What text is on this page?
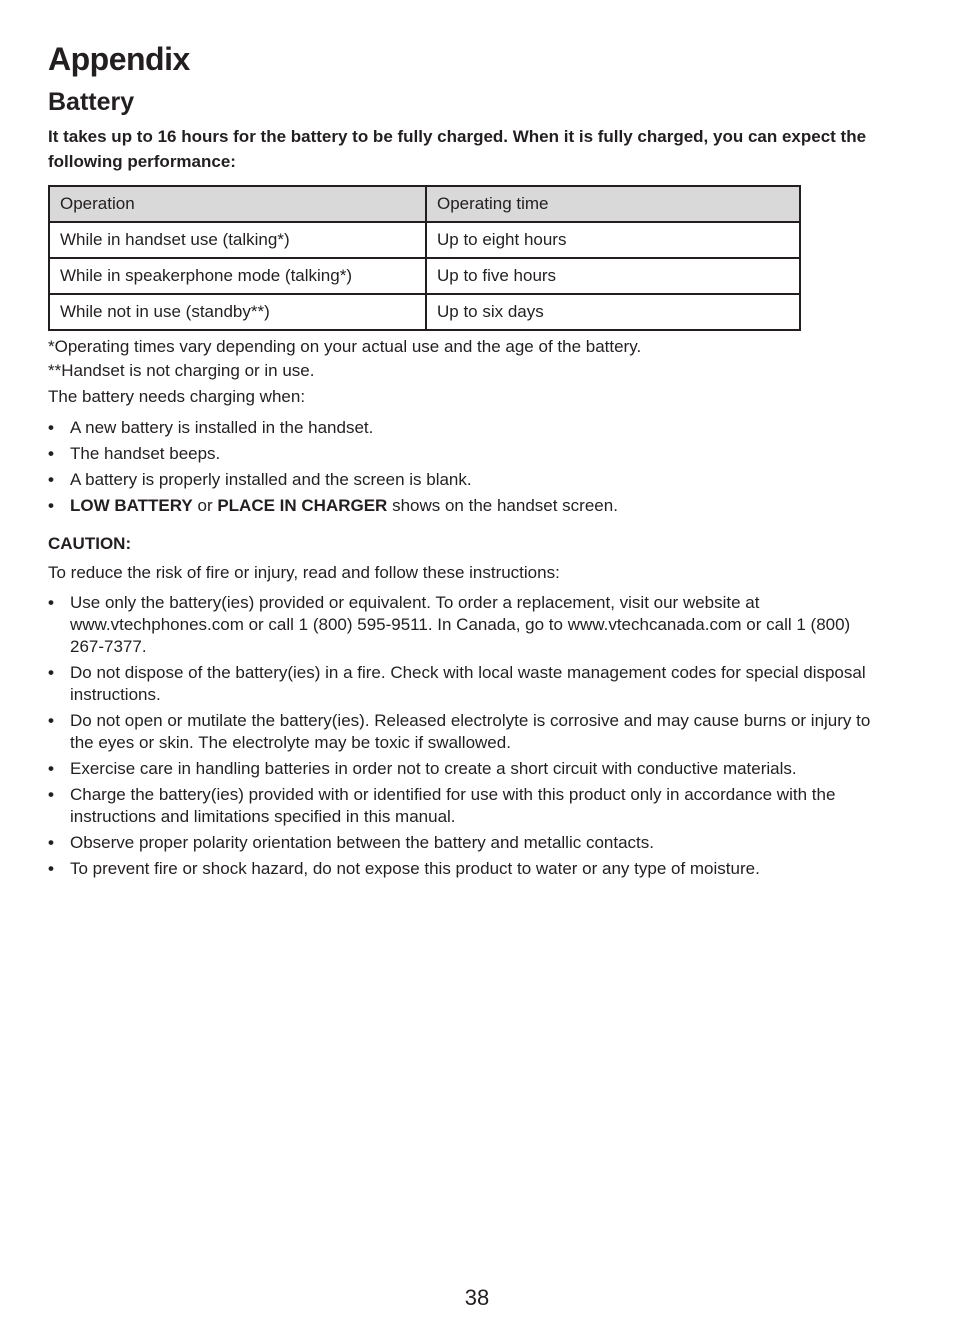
Appendix
Battery

It takes up to 16 hours for the battery to be fully charged. When it is fully charged, you can expect the following performance:

Operation	Operating time
While in handset use (talking*)	Up to eight hours
While in speakerphone mode (talking*)	Up to five hours
While not in use (standby**)	Up to six days

*Operating times vary depending on your actual use and the age of the battery.

**Handset is not charging or in use.

The battery needs charging when:

• A new battery is installed in the handset.
• The handset beeps.
• A battery is properly installed and the screen is blank.
• LOW BATTERY or PLACE IN CHARGER shows on the handset screen.
CAUTION:
To reduce the risk of fire or injury, read and follow these instructions:
• Use only the battery(ies) provided or equivalent. To order a replacement, visit our website at www.vtechphones.com or call 1 (800) 595-9511. In Canada, go to www.vtechcanada.com or call 1 (800) 267-7377.
• Do not dispose of the battery(ies) in a fire. Check with local waste management codes for special disposal instructions.
• Do not open or mutilate the battery(ies). Released electrolyte is corrosive and may cause burns or injury to the eyes or skin. The electrolyte may be toxic if swallowed.
• Exercise care in handling batteries in order not to create a short circuit with conductive materials.
• Charge the battery(ies) provided with or identified for use with this product only in accordance with the instructions and limitations specified in this manual.
• Observe proper polarity orientation between the battery and metallic contacts.
• To prevent fire or shock hazard, do not expose this product to water or any type of moisture.
38
